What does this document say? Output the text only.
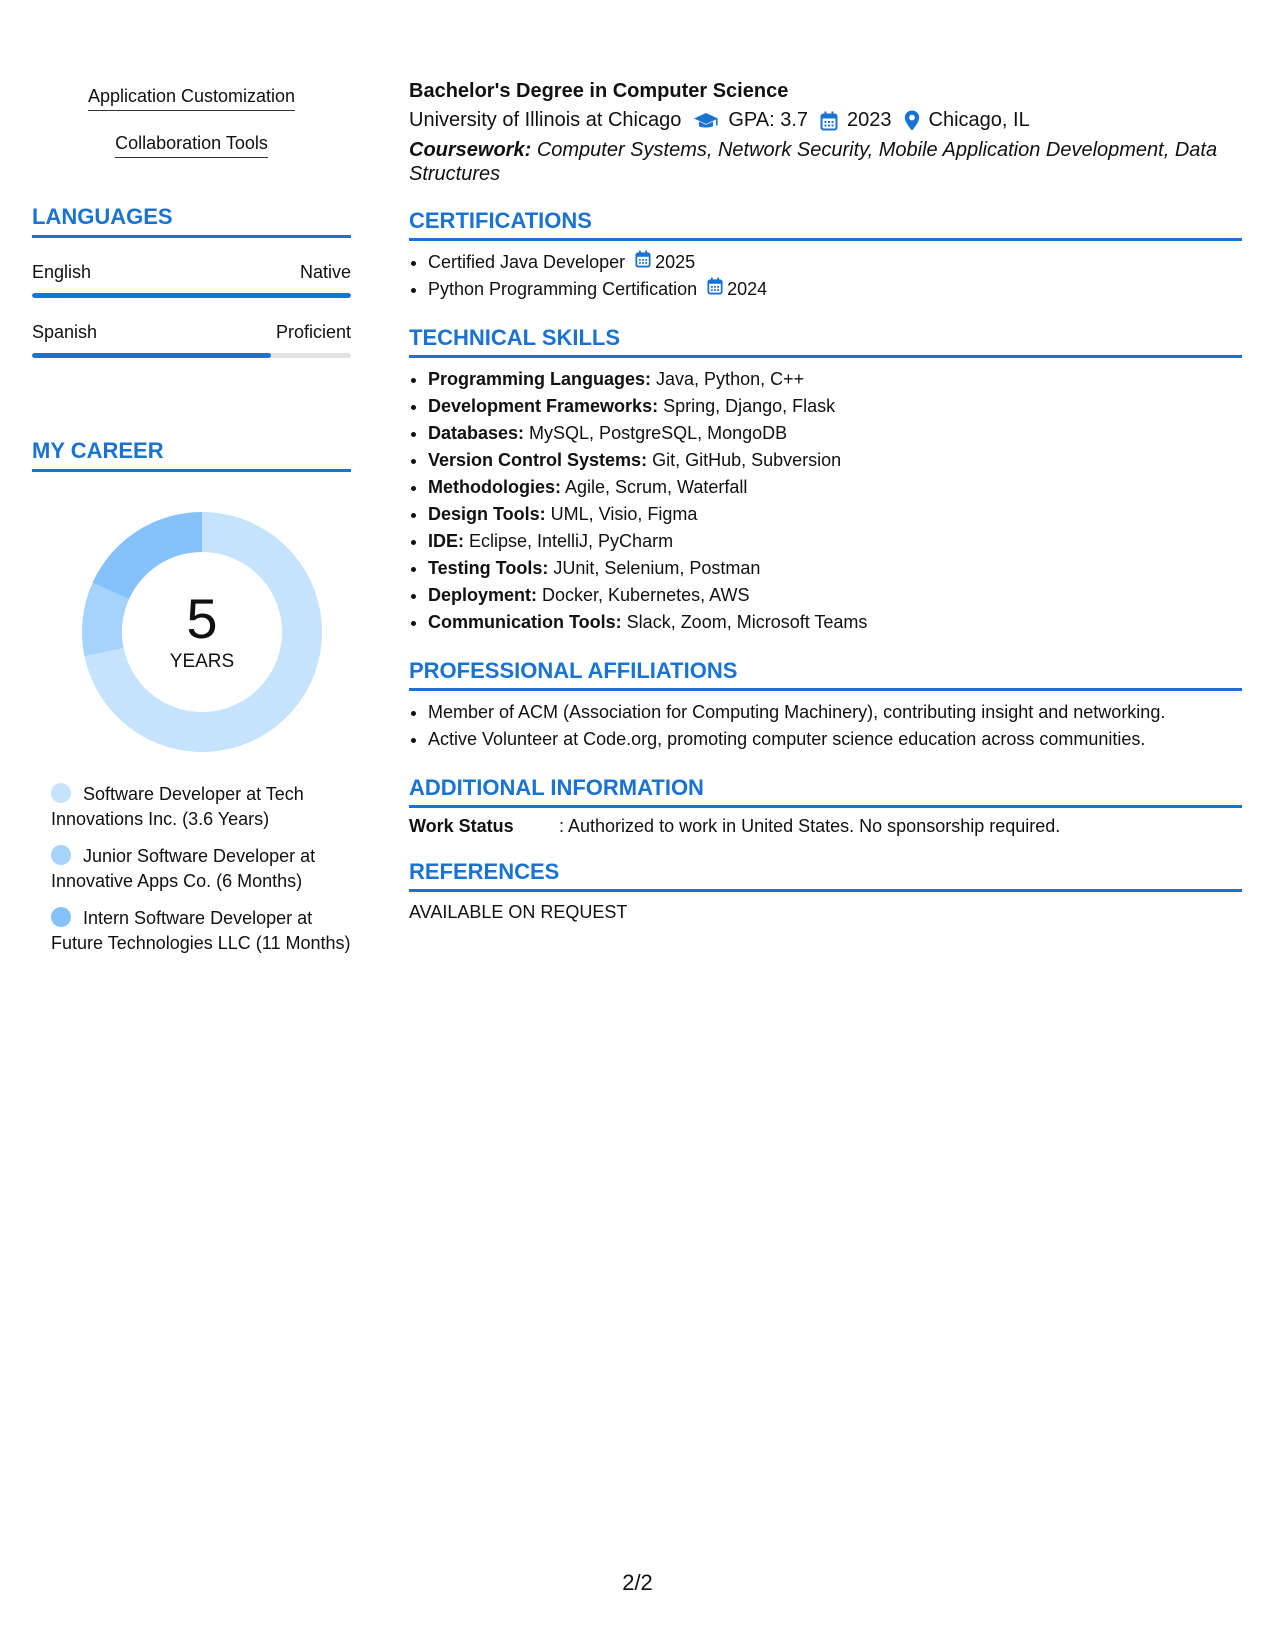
Application Customization
Collaboration Tools
LANGUAGES
English	Native
Spanish	Proficient
MY CAREER
5
YEARS
Software Developer at Tech Innovations Inc. (3.6 Years)
Junior Software Developer at Innovative Apps Co. (6 Months)
Intern Software Developer at Future Technologies LLC (11 Months)
Bachelor's Degree in Computer Science
University of Illinois at Chicago GPA: 3.7 2023 Chicago, IL
Coursework: Computer Systems, Network Security, Mobile Application Development, Data Structures
CERTIFICATIONS
• Certified Java Developer 2025
• Python Programming Certification 2024
TECHNICAL SKILLS
• Programming Languages: Java, Python, C++
• Development Frameworks: Spring, Django, Flask
• Databases: MySQL, PostgreSQL, MongoDB
• Version Control Systems: Git, GitHub, Subversion
• Methodologies: Agile, Scrum, Waterfall
• Design Tools: UML, Visio, Figma
• IDE: Eclipse, IntelliJ, PyCharm
• Testing Tools: JUnit, Selenium, Postman
• Deployment: Docker, Kubernetes, AWS
• Communication Tools: Slack, Zoom, Microsoft Teams
PROFESSIONAL AFFILIATIONS
• Member of ACM (Association for Computing Machinery), contributing insight and networking.
• Active Volunteer at Code.org, promoting computer science education across communities.
ADDITIONAL INFORMATION
Work Status	: Authorized to work in United States. No sponsorship required.
REFERENCES
AVAILABLE ON REQUEST
2/2
